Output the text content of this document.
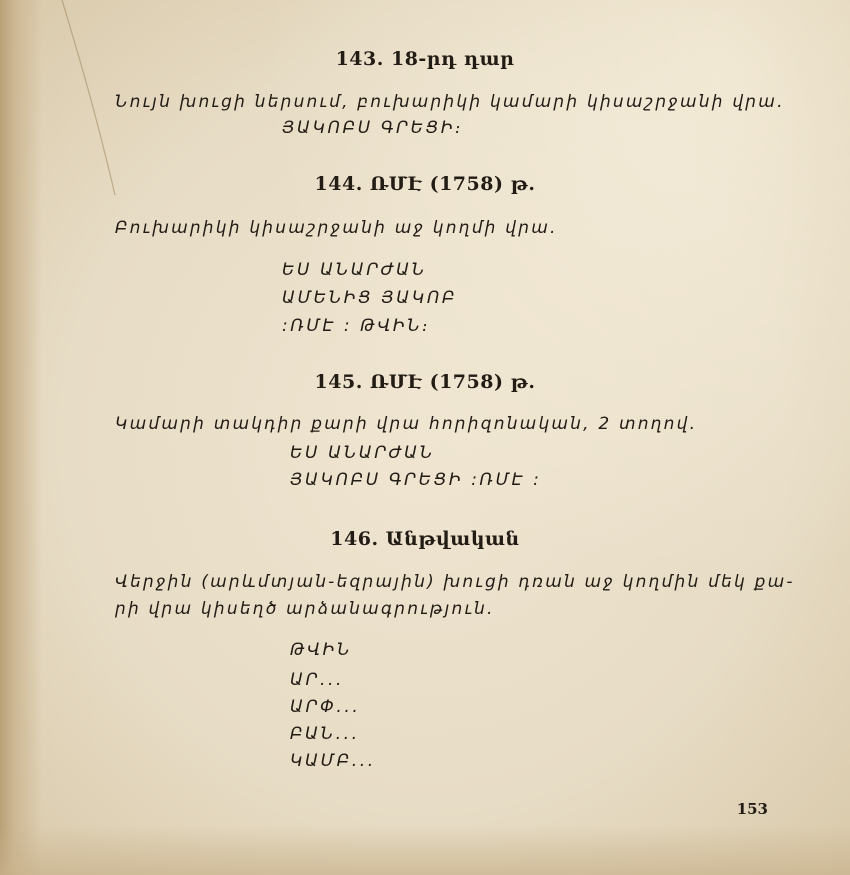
143. 18-րդ դար
Նույն խուցի ներսում, բուխարիկի կամարի կիսաշրջանի վրա․
ՅԱԿՈԲՍ ԳՐԵՑԻ։
144. ՌՄԷ (1758) թ.
Բուխարիկի կիսաշրջանի աջ կողմի վրա.
ԵՍ ԱՆԱՐԺԱՆ
ԱՄԵՆԻՑ ՅԱԿՈԲ
:ՌՄԷ : ԹՎԻՆ։
145. ՌՄԷ (1758) թ.
Կամարի տակդիր քարի վրա հորիզոնական, 2 տողով.
ԵՍ ԱՆԱՐԺԱՆ
ՅԱԿՈԲՍ ԳՐԵՑԻ :ՌՄԷ :
146. Անթվական
Վերջին (արևմտյան-եզրային) խուցի դռան աջ կողմին մեկ քա-
րի վրա կիսեղծ արձանագրություն.
ԹՎԻՆ
ԱՐ...
ԱՐՓ...
ԲԱՆ...
ԿԱՄԲ...
153
